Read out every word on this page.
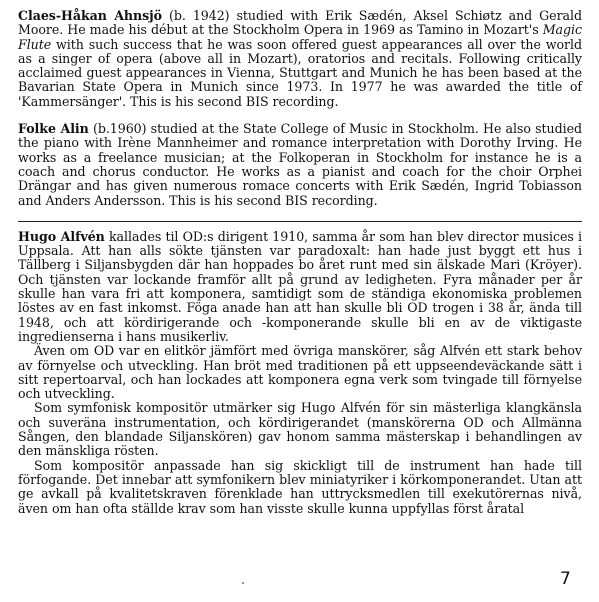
Claes-Håkan Ahnsjö (b. 1942) studied with Erik Sædén, Aksel Schiøtz and Gerald Moore. He made his début at the Stockholm Opera in 1969 as Tamino in Mozart's Magic Flute with such success that he was soon offered guest appearances all over the world as a singer of opera (above all in Mozart), oratorios and recitals. Following critically acclaimed guest appearances in Vienna, Stuttgart and Munich he has been based at the Bavarian State Opera in Munich since 1973. In 1977 he was awarded the title of 'Kammersänger'. This is his second BIS recording.

Folke Alin (b.1960) studied at the State College of Music in Stockholm. He also studied the piano with Irène Mannheimer and romance interpretation with Dorothy Irving. He works as a freelance musician; at the Folkoperan in Stockholm for instance he is a coach and chorus conductor. He works as a pianist and coach for the choir Orphei Drängar and has given numerous romace concerts with Erik Sædén, Ingrid Tobiasson and Anders Andersson. This is his second BIS recording.

Hugo Alfvén kallades til OD:s dirigent 1910, samma år som han blev director musices i Uppsala. Att han alls sökte tjänsten var paradoxalt: han hade just byggt ett hus i Tällberg i Siljansbygden där han hoppades bo året runt med sin älskade Mari (Kröyer). Och tjänsten var lockande framför allt på grund av ledigheten. Fyra månader per år skulle han vara fri att komponera, samtidigt som de ständiga ekonomiska problemen löstes av en fast inkomst. Föga anade han att han skulle bli OD trogen i 38 år, ända till 1948, och att kördirigerande och -komponerande skulle bli en av de viktigaste ingredienserna i hans musikerliv.

Även om OD var en elitkör jämfört med övriga manskörer, såg Alfvén ett stark behov av förnyelse och utveckling. Han bröt med traditionen på ett uppseendeväckande sätt i sitt repertoarval, och han lockades att komponera egna verk som tvingade till förnyelse och utveckling.

Som symfonisk kompositör utmärker sig Hugo Alfvén för sin mästerliga klangkänsla och suveräna instrumentation, och kördirigerandet (manskörerna OD och Allmänna Sången, den blandade Siljanskören) gav honom samma mästerskap i behandlingen av den mänskliga rösten.

Som kompositör anpassade han sig skickligt till de instrument han hade till förfogande. Det innebar att symfonikern blev miniatyriker i körkomponerandet. Utan att ge avkall på kvalitetskraven förenklade han uttrycksmedlen till exekutörernas nivå, även om han ofta ställde krav som han visste skulle kunna uppfyllas först åratal

7
